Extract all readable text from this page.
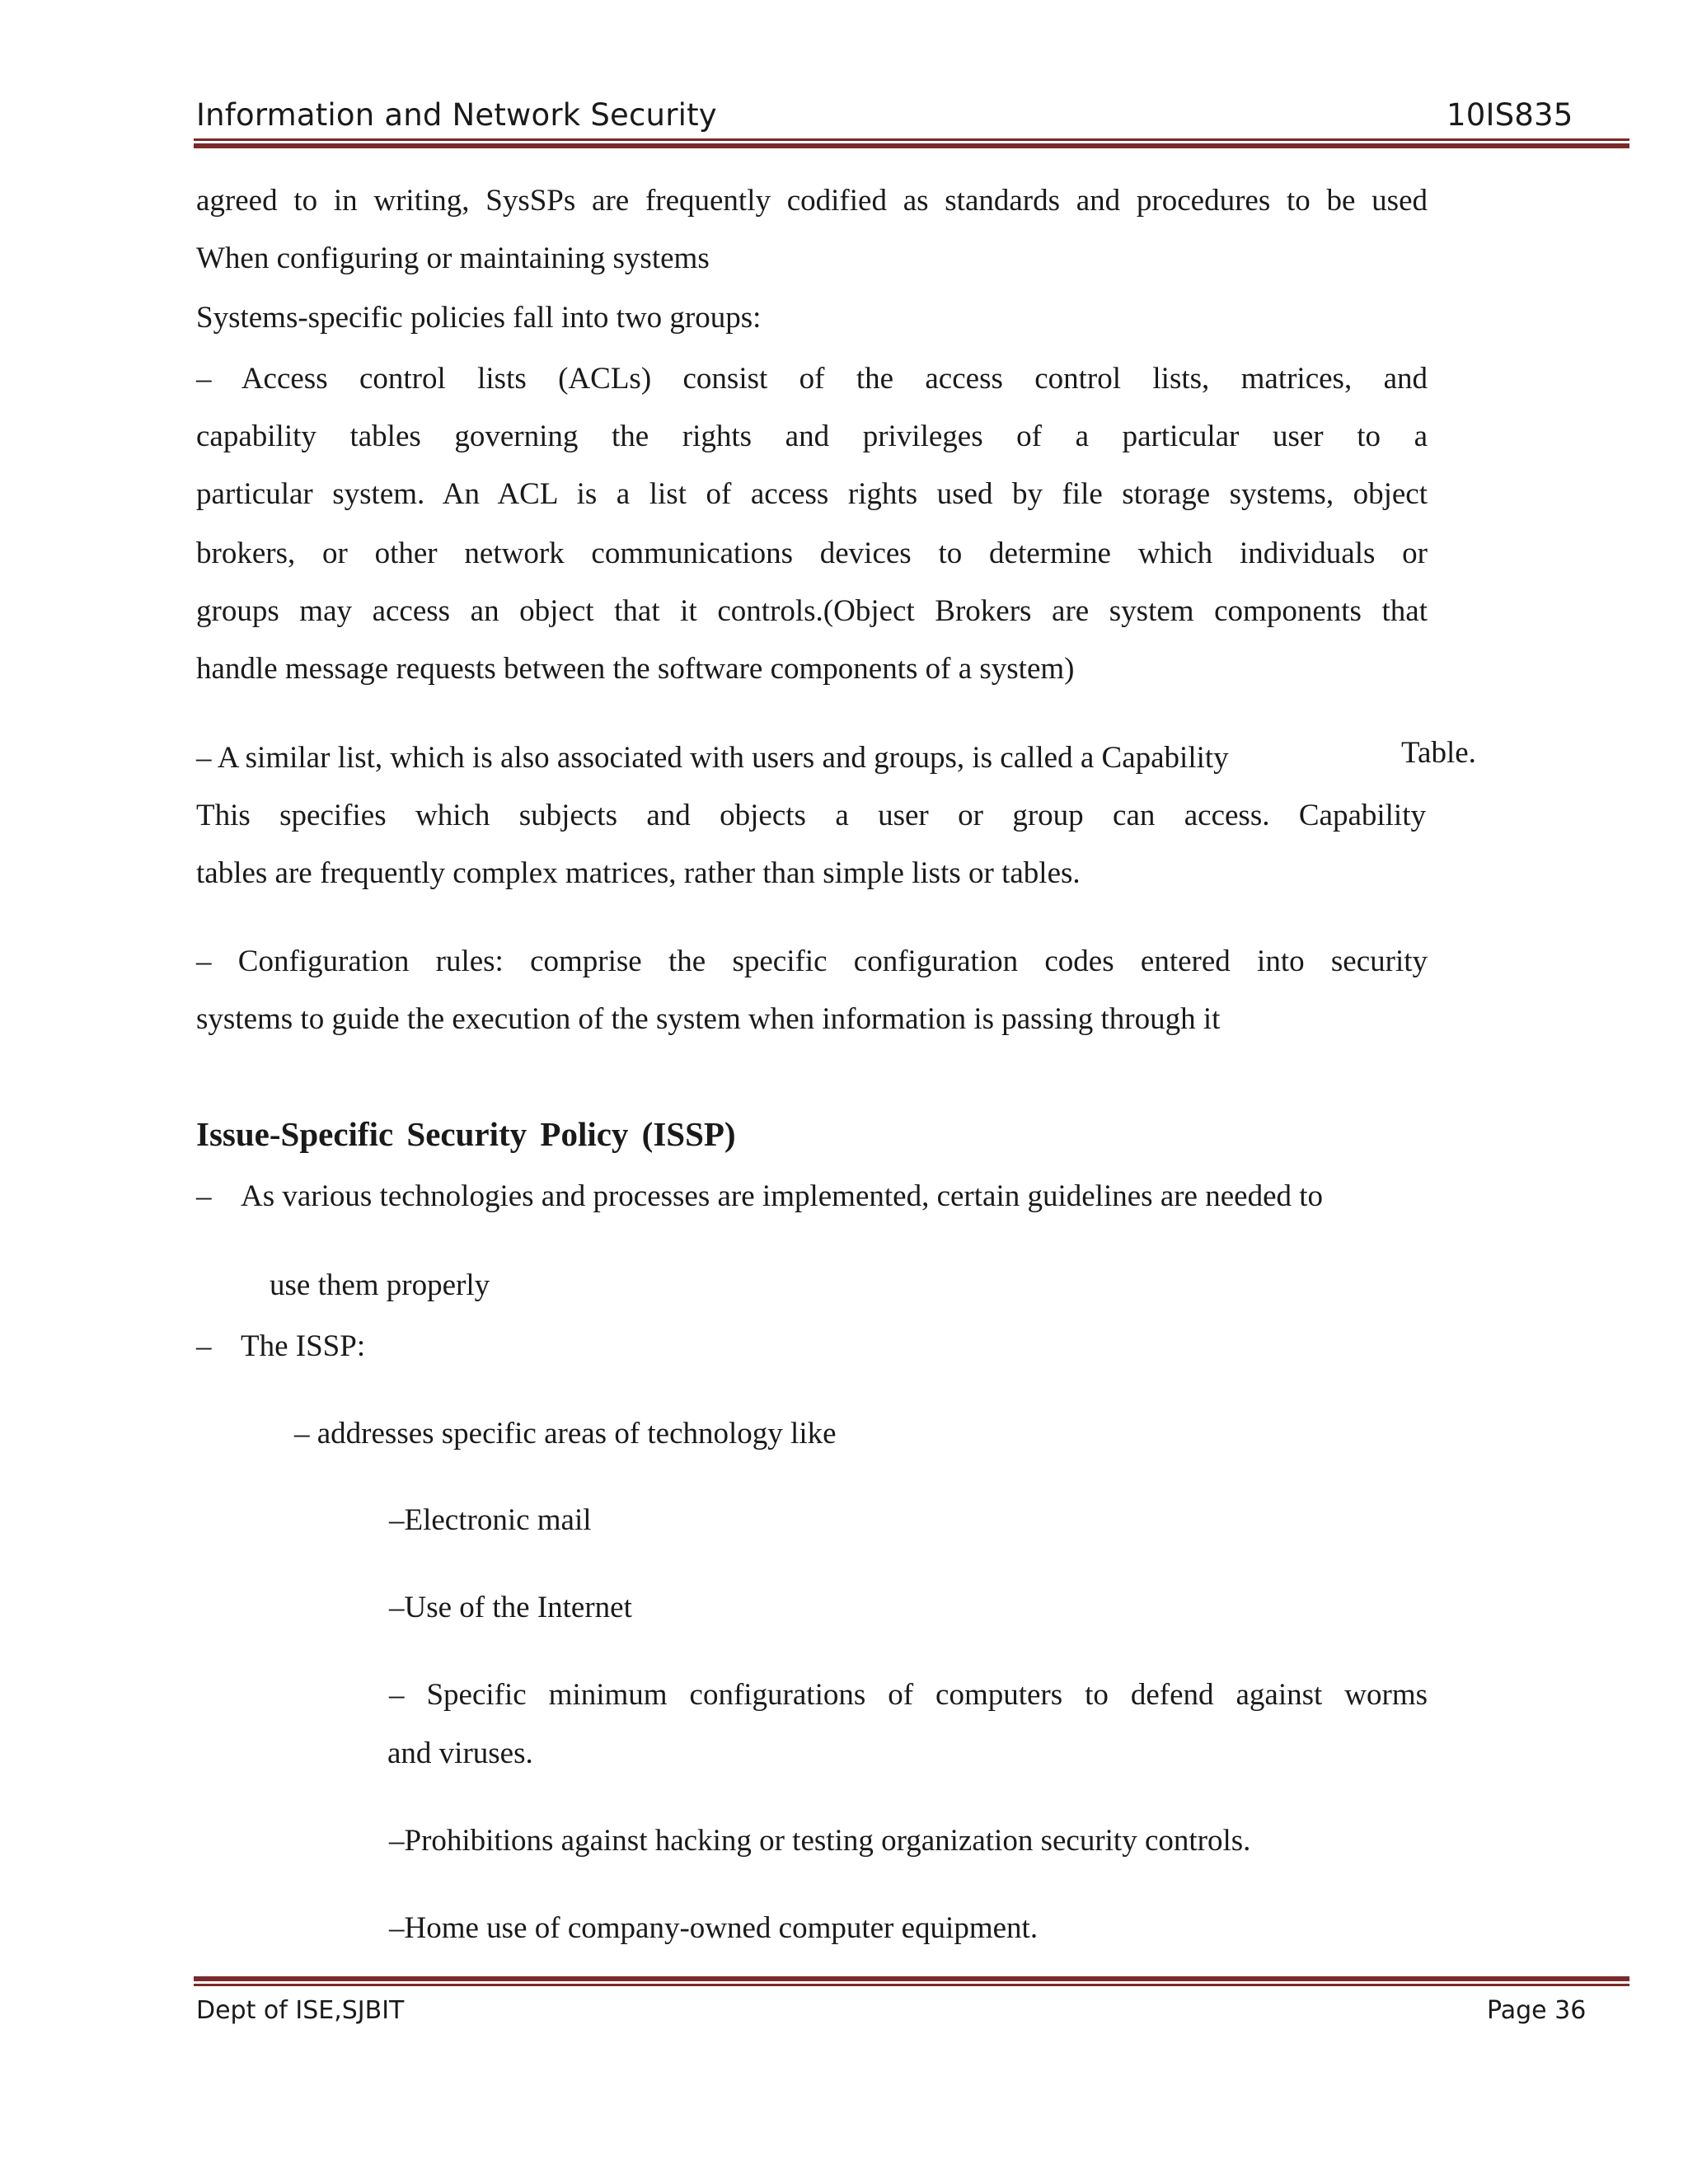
Information and Network Security	10IS835
agreed to in writing, SysSPs are frequently codified as standards and procedures to be used
When configuring or maintaining systems
Systems-specific policies fall into two groups:
– Access control lists (ACLs) consist of the access control lists, matrices, and
capability tables governing the rights and privileges of a particular user to a
particular system. An ACL is a list of access rights used by file storage systems, object
brokers, or other network communications devices to determine which individuals or
groups may access an object that it controls.(Object Brokers are system components that
handle message requests between the software components of a system)
– A similar list, which is also associated with users and groups, is called a Capability	Table.
This specifies which subjects and objects a user or group can access. Capability
tables are frequently complex matrices, rather than simple lists or tables.
– Configuration rules: comprise the specific configuration codes entered into security
systems to guide the execution of the system when information is passing through it
Issue-Specific Security Policy (ISSP)
– As various technologies and processes are implemented, certain guidelines are needed to
use them properly
– The ISSP:
– addresses specific areas of technology like
–Electronic mail
–Use of the Internet
– Specific minimum configurations of computers to defend against worms
and viruses.
–Prohibitions against hacking or testing organization security controls.
–Home use of company-owned computer equipment.
Dept of ISE,SJBIT	Page 36
